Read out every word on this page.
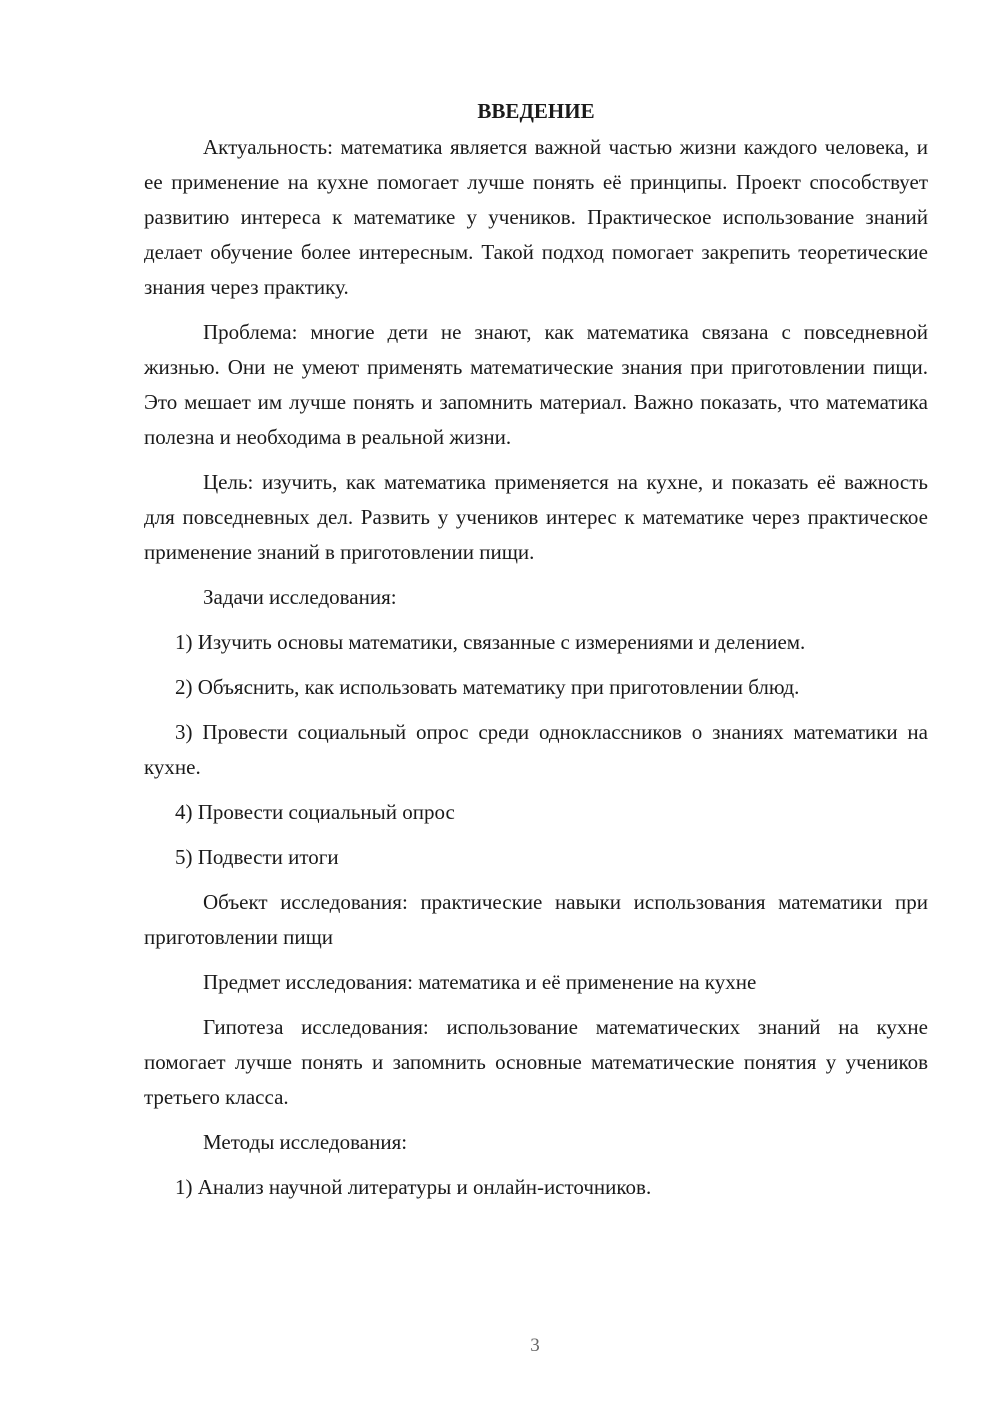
ВВЕДЕНИЕ

Актуальность: математика является важной частью жизни каждого человека, и ее применение на кухне помогает лучше понять её принципы. Проект способствует развитию интереса к математике у учеников. Практическое использование знаний делает обучение более интересным. Такой подход помогает закрепить теоретические знания через практику.

Проблема: многие дети не знают, как математика связана с повседневной жизнью. Они не умеют применять математические знания при приготовлении пищи. Это мешает им лучше понять и запомнить материал. Важно показать, что математика полезна и необходима в реальной жизни.

Цель: изучить, как математика применяется на кухне, и показать её важность для повседневных дел. Развить у учеников интерес к математике через практическое применение знаний в приготовлении пищи.

Задачи исследования:

1) Изучить основы математики, связанные с измерениями и делением.

2) Объяснить, как использовать математику при приготовлении блюд.

3) Провести социальный опрос среди одноклассников о знаниях математики на кухне.

4) Провести социальный опрос

5) Подвести итоги

Объект исследования: практические навыки использования математики при приготовлении пищи

Предмет исследования: математика и её применение на кухне

Гипотеза исследования: использование математических знаний на кухне помогает лучше понять и запомнить основные математические понятия у учеников третьего класса.

Методы исследования:

1) Анализ научной литературы и онлайн-источников.

3
